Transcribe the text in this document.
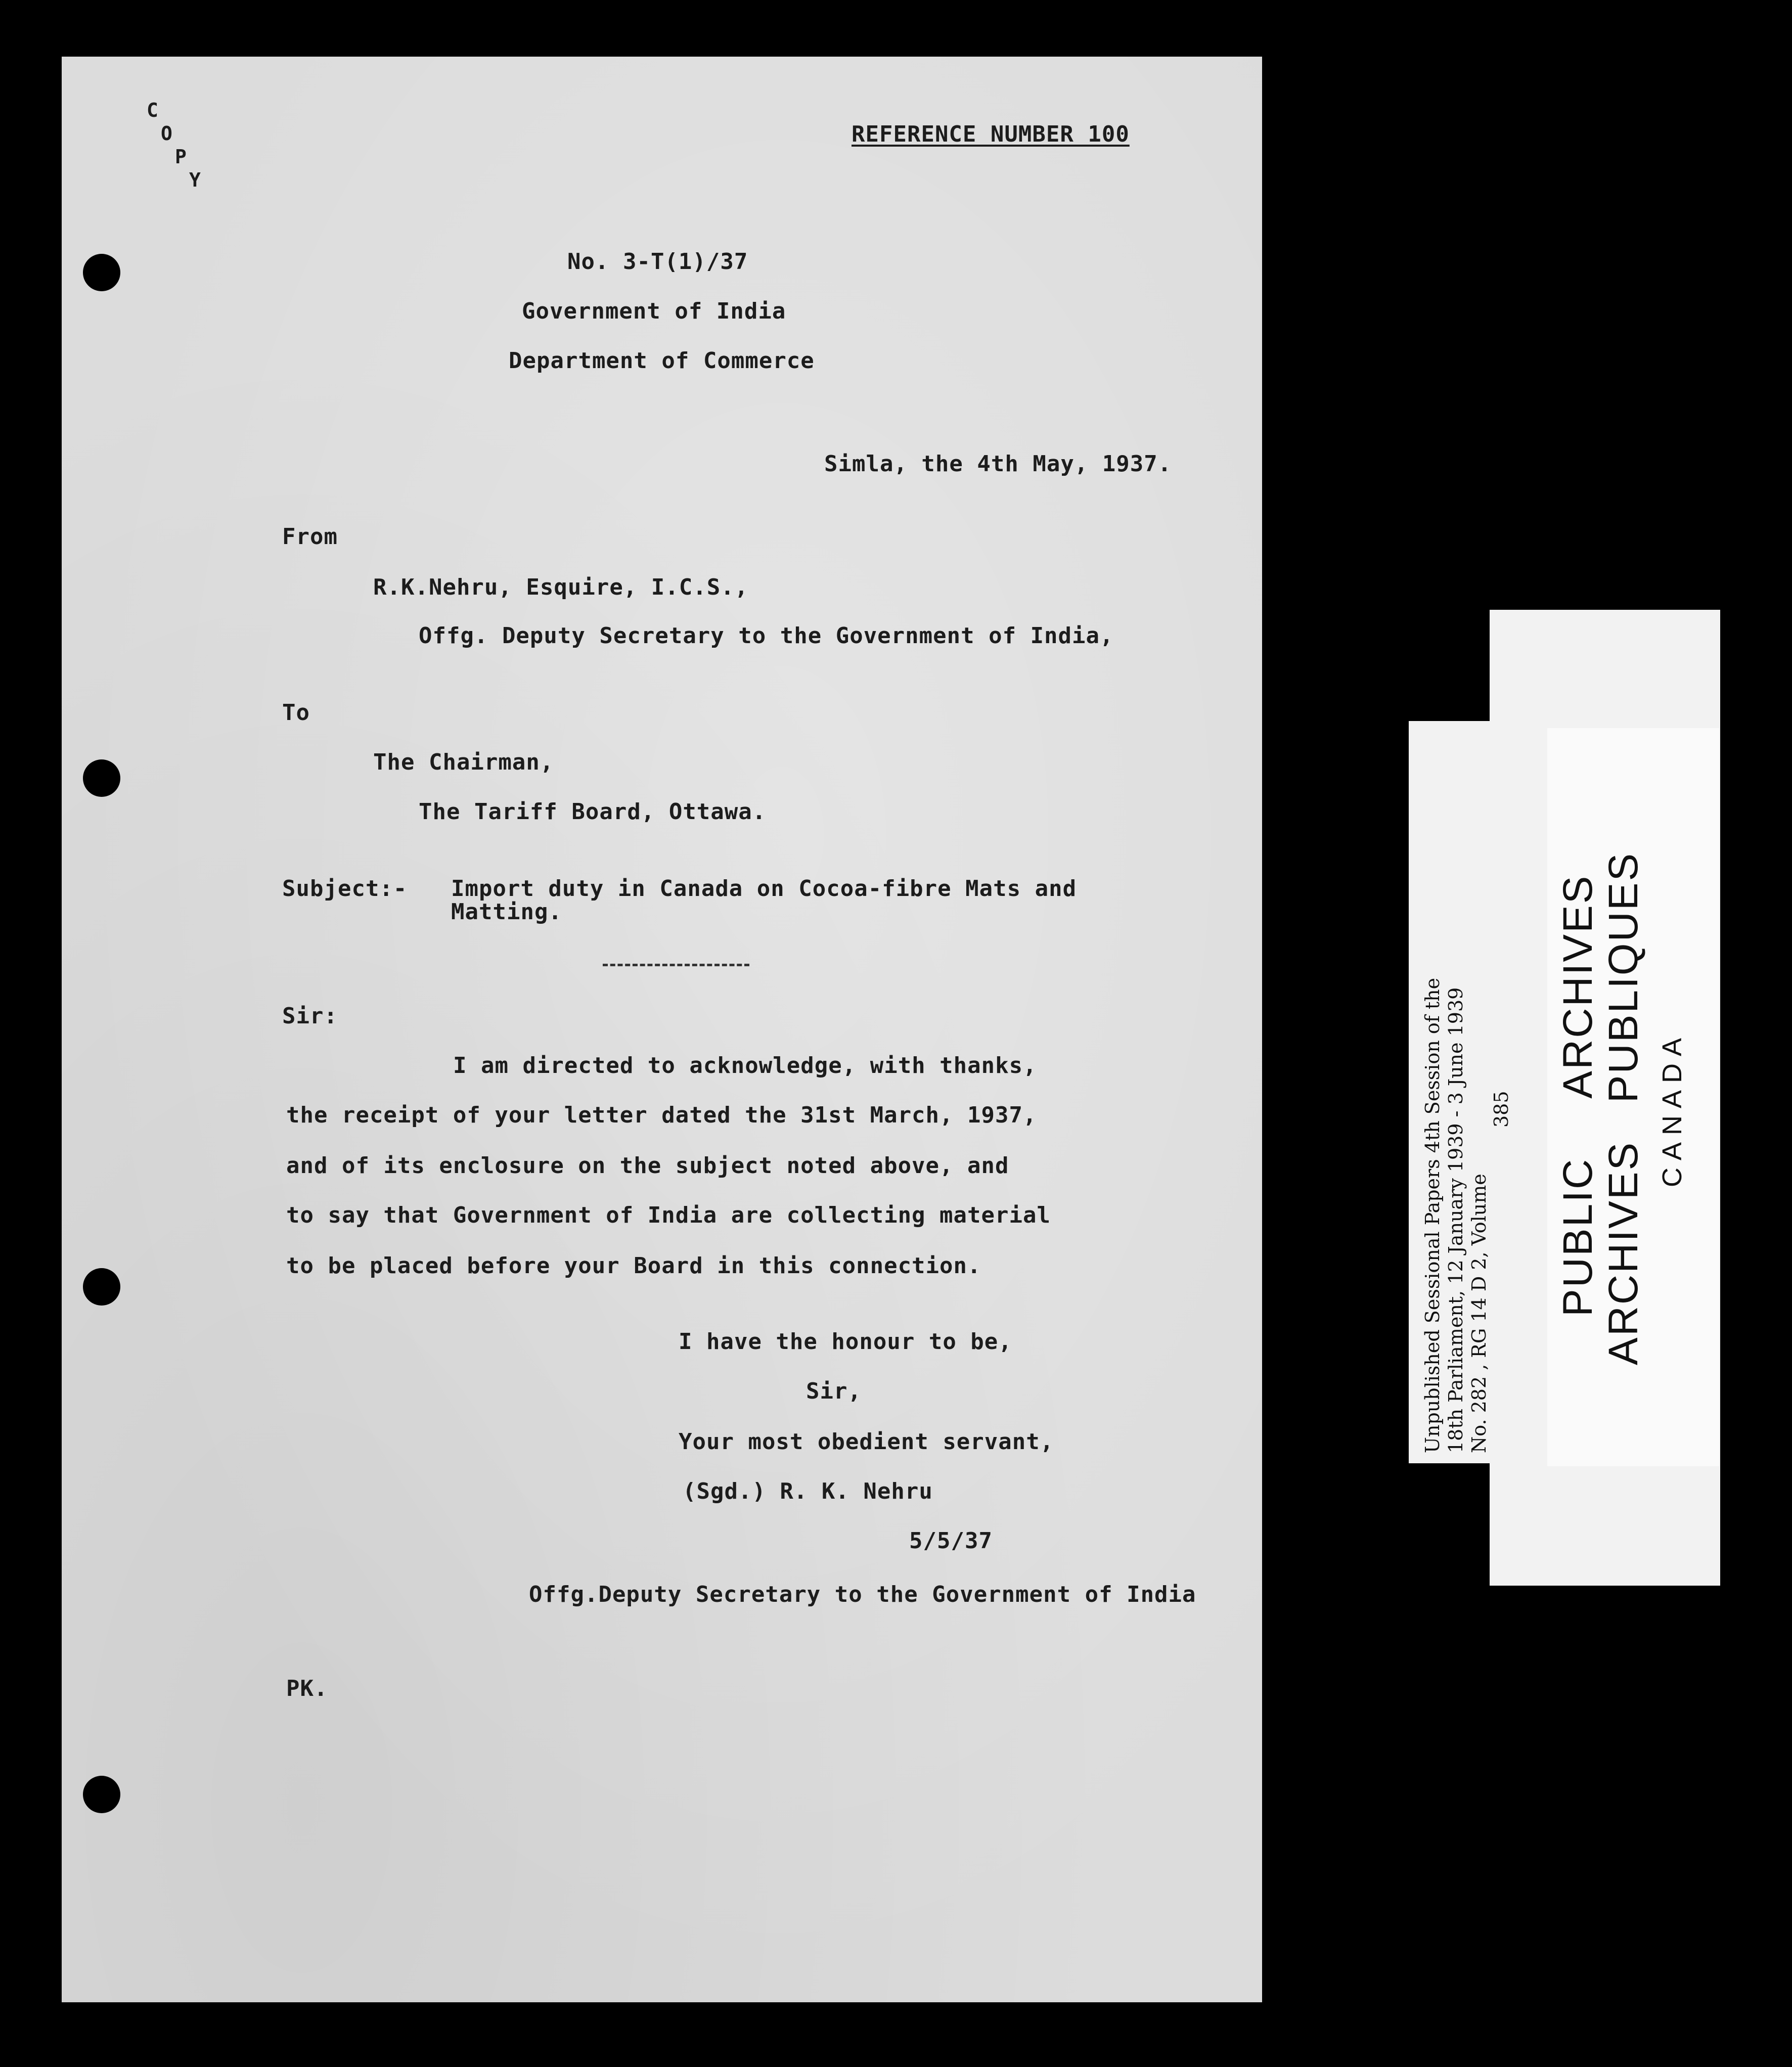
C
O
P
Y
REFERENCE NUMBER 100
No. 3-T(1)/37
Government of India
Department of Commerce
Simla, the 4th May, 1937.
From
R.K.Nehru, Esquire, I.C.S.,
Offg. Deputy Secretary to the Government of India,
To
The Chairman,
The Tariff Board, Ottawa.
Subject:- Import duty in Canada on Cocoa-fibre Mats and
Matting.
Sir:
I am directed to acknowledge, with thanks,
the receipt of your letter dated the 31st March, 1937,
and of its enclosure on the subject noted above, and
to say that Government of India are collecting material
to be placed before your Board in this connection.
I have the honour to be,
Sir,
Your most obedient servant,
(Sgd.) R. K. Nehru
5/5/37
Offg.Deputy Secretary to the Government of India
PK.
Unpublished Sessional Papers 4th Session of the 18th Parliament, 12 January 1939 - 3 June 1939 No. 282 , RG 14 D 2, Volume
385
PUBLIC  ARCHIVES
ARCHIVES  PUBLIQUES
CANADA
